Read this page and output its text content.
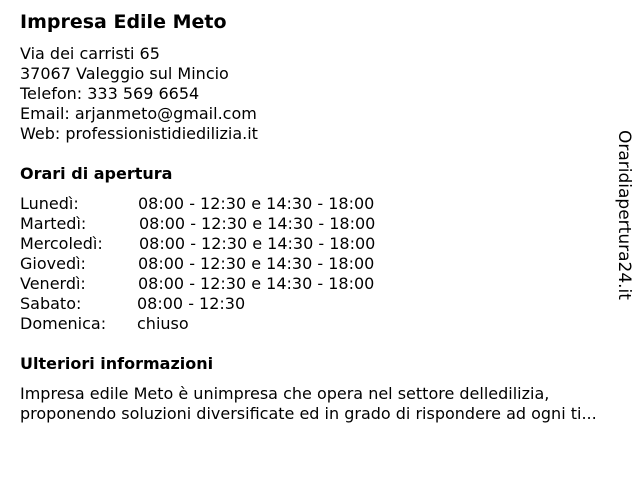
Impresa Edile Meto
Via dei carristi 65
37067 Valeggio sul Mincio
Telefon: 333 569 6654
Email: arjanmeto@gmail.com
Web: professionistidiedilizia.it
Orari di apertura
Lunedì:	08:00 - 12:30 e 14:30 - 18:00
Martedì:	08:00 - 12:30 e 14:30 - 18:00
Mercoledì:	08:00 - 12:30 e 14:30 - 18:00
Giovedì:	08:00 - 12:30 e 14:30 - 18:00
Venerdì:	08:00 - 12:30 e 14:30 - 18:00
Sabato:	08:00 - 12:30
Domenica:	chiuso
Ulteriori informazioni
Impresa edile Meto è unimpresa che opera nel settore delledilizia, proponendo soluzioni diversificate ed in grado di rispondere ad ogni ti...
Oraridiapertura24.it
